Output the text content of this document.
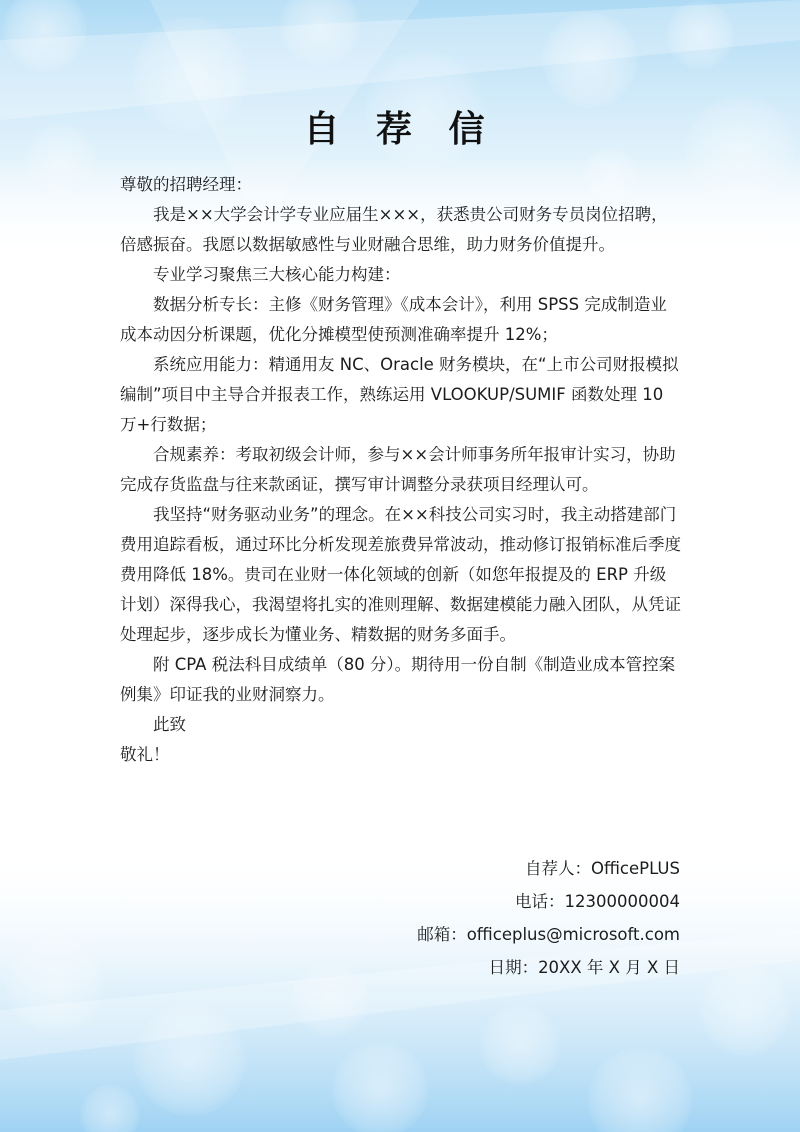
自 荐 信

尊敬的招聘经理：

我是××大学会计学专业应届生×××，获悉贵公司财务专员岗位招聘，倍感振奋。我愿以数据敏感性与业财融合思维，助力财务价值提升。

专业学习聚焦三大核心能力构建：

数据分析专长：主修《财务管理》《成本会计》，利用 SPSS 完成制造业成本动因分析课题，优化分摊模型使预测准确率提升 12%；

系统应用能力：精通用友 NC、Oracle 财务模块，在“上市公司财报模拟编制”项目中主导合并报表工作，熟练运用 VLOOKUP/SUMIF 函数处理 10 万+行数据；

合规素养：考取初级会计师，参与××会计师事务所年报审计实习，协助完成存货监盘与往来款函证，撰写审计调整分录获项目经理认可。

我坚持“财务驱动业务”的理念。在××科技公司实习时，我主动搭建部门费用追踪看板，通过环比分析发现差旅费异常波动，推动修订报销标准后季度费用降低 18%。贵司在业财一体化领域的创新（如您年报提及的 ERP 升级计划）深得我心，我渴望将扎实的准则理解、数据建模能力融入团队，从凭证处理起步，逐步成长为懂业务、精数据的财务多面手。

附 CPA 税法科目成绩单（80 分）。期待用一份自制《制造业成本管控案例集》印证我的业财洞察力。

此致

敬礼！

自荐人：OfficePLUS
电话：12300000004
邮箱：officeplus@microsoft.com
日期：20XX 年 X 月 X 日
